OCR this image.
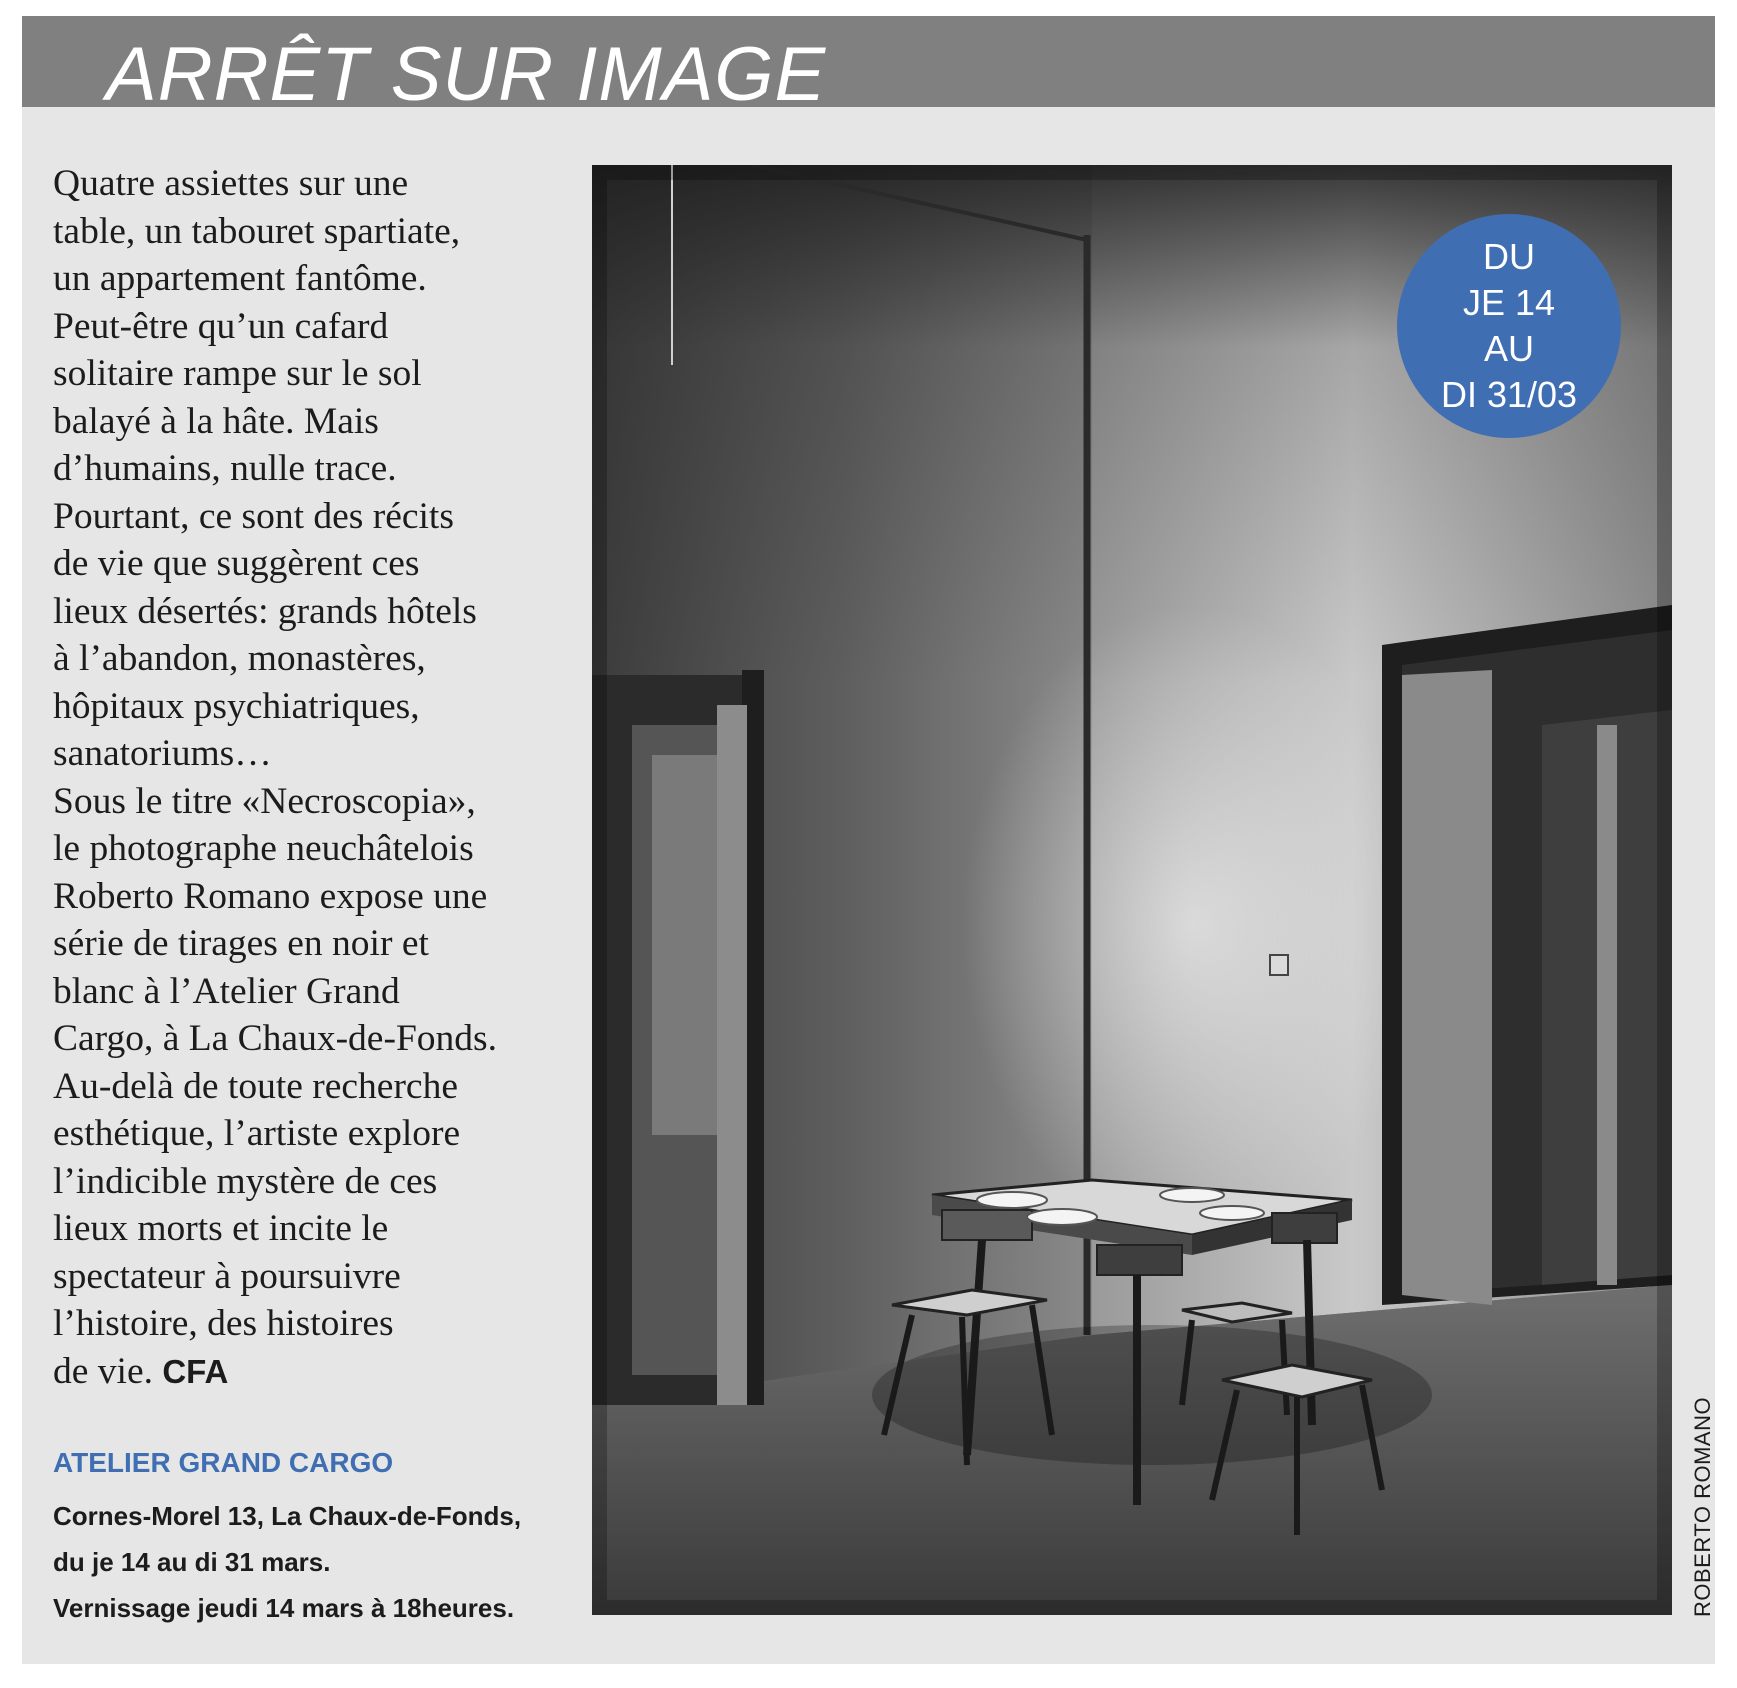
ARRÊT SUR IMAGE
Quatre assiettes sur une
table, un tabouret spartiate,
un appartement fantôme.
Peut-être qu’un cafard
solitaire rampe sur le sol
balayé à la hâte. Mais
d’humains, nulle trace.
Pourtant, ce sont des récits
de vie que suggèrent ces
lieux désertés: grands hôtels
à l’abandon, monastères,
hôpitaux psychiatriques,
sanatoriums…
Sous le titre «Necroscopia»,
le photographe neuchâtelois
Roberto Romano expose une
série de tirages en noir et
blanc à l’Atelier Grand
Cargo, à La Chaux-de-Fonds.
Au-delà de toute recherche
esthétique, l’artiste explore
l’indicible mystère de ces
lieux morts et incite le
spectateur à poursuivre
l’histoire, des histoires
de vie. CFA
ATELIER GRAND CARGO
Cornes-Morel 13, La Chaux-de-Fonds,
du je 14 au di 31 mars.
Vernissage jeudi 14 mars à 18heures.
DU
JE 14
AU
DI 31/03
ROBERTO ROMANO
